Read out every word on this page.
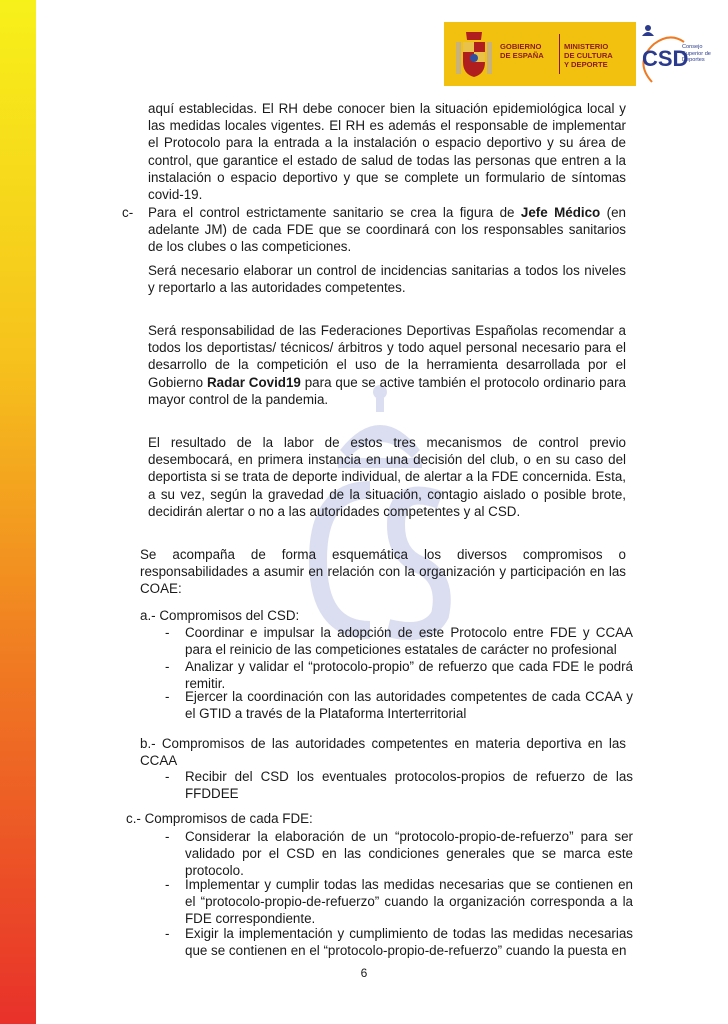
GOBIERNO
DE ESPAÑA
MINISTERIO
DE CULTURA
Y DEPORTE	CSD
Consejo
Superior de
Deportes

aquí establecidas. El RH debe conocer bien la situación epidemiológica local y las medidas locales vigentes. El RH es además el responsable de implementar el Protocolo para la entrada a la instalación o espacio deportivo y su área de control, que garantice el estado de salud de todas las personas que entren a la instalación o espacio deportivo y que se complete un formulario de síntomas covid-19.

c- Para el control estrictamente sanitario se crea la figura de Jefe Médico (en adelante JM) de cada FDE que se coordinará con los responsables sanitarios de los clubes o las competiciones.

Será necesario elaborar un control de incidencias sanitarias a todos los niveles y reportarlo a las autoridades competentes.

Será responsabilidad de las Federaciones Deportivas Españolas recomendar a todos los deportistas/ técnicos/ árbitros y todo aquel personal necesario para el desarrollo de la competición el uso de la herramienta desarrollada por el Gobierno Radar Covid19 para que se active también el protocolo ordinario para mayor control de la pandemia.

El resultado de la labor de estos tres mecanismos de control previo desembocará, en primera instancia en una decisión del club, o en su caso del deportista si se trata de deporte individual, de alertar a la FDE concernida. Esta, a su vez, según la gravedad de la situación, contagio aislado o posible brote, decidirán alertar o no a las autoridades competentes y al CSD.

Se acompaña de forma esquemática los diversos compromisos o responsabilidades a asumir en relación con la organización y participación en las COAE:

a.- Compromisos del CSD:

- Coordinar e impulsar la adopción de este Protocolo entre FDE y CCAA para el reinicio de las competiciones estatales de carácter no profesional

- Analizar y validar el “protocolo-propio” de refuerzo que cada FDE le podrá remitir.

- Ejercer la coordinación con las autoridades competentes de cada CCAA y el GTID a través de la Plataforma Interterritorial

b.- Compromisos de las autoridades competentes en materia deportiva en las CCAA

- Recibir del CSD los eventuales protocolos-propios de refuerzo de las FFDDEE

c.- Compromisos de cada FDE:

- Considerar la elaboración de un “protocolo-propio-de-refuerzo” para ser validado por el CSD en las condiciones generales que se marca este protocolo.

- Implementar y cumplir todas las medidas necesarias que se contienen en el “protocolo-propio-de-refuerzo” cuando la organización corresponda a la FDE correspondiente.

- Exigir la implementación y cumplimiento de todas las medidas necesarias que se contienen en el “protocolo-propio-de-refuerzo” cuando la puesta en

6
